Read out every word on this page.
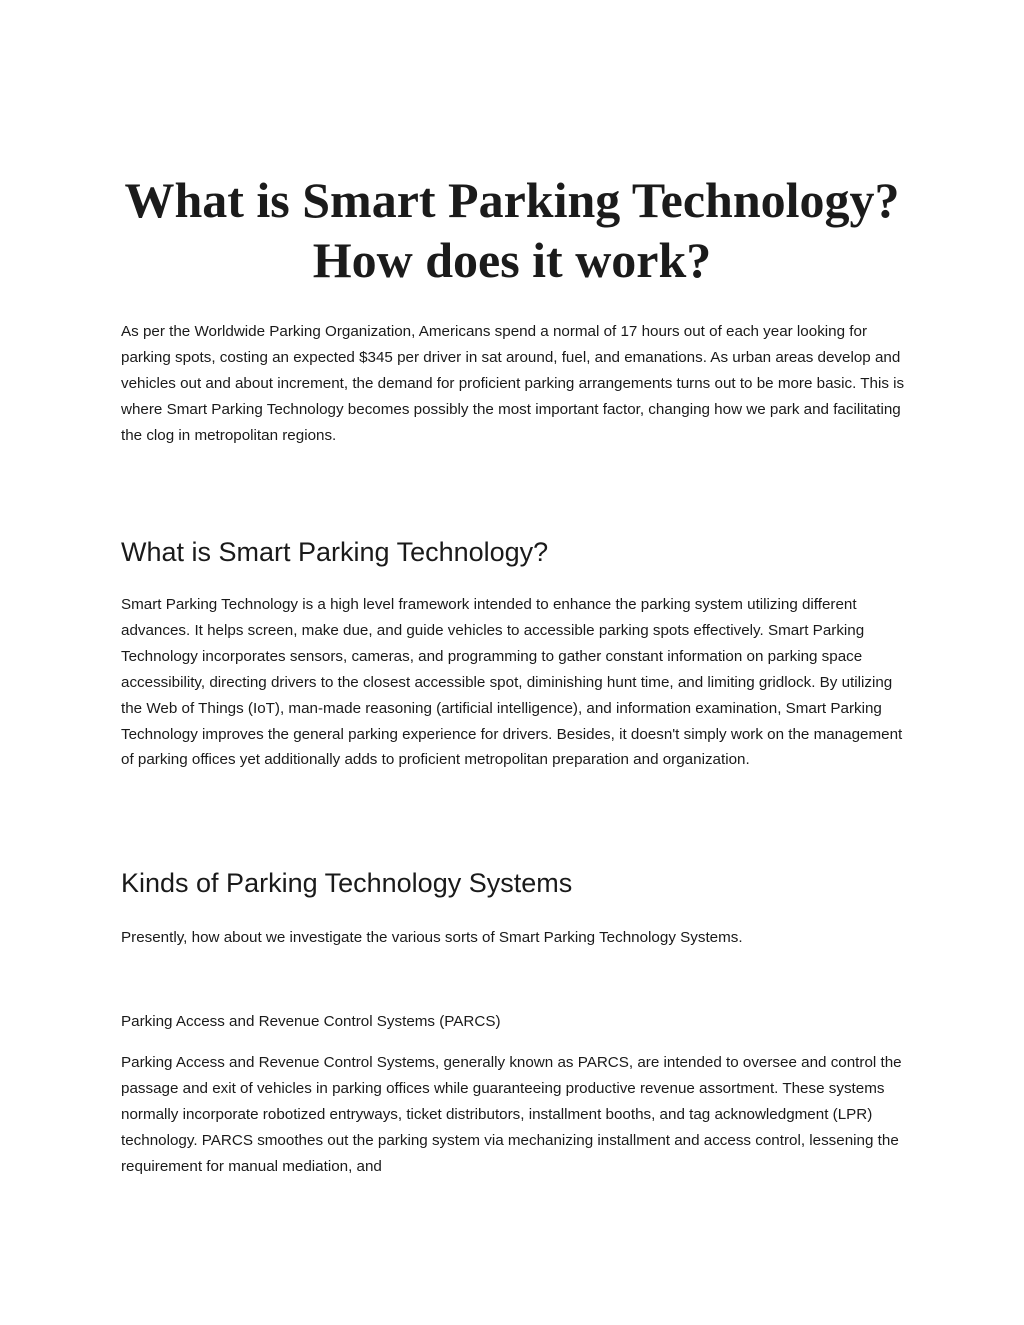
What is Smart Parking Technology? How does it work?

As per the Worldwide Parking Organization, Americans spend a normal of 17 hours out of each year looking for parking spots, costing an expected $345 per driver in sat around, fuel, and emanations. As urban areas develop and vehicles out and about increment, the demand for proficient parking arrangements turns out to be more basic. This is where Smart Parking Technology becomes possibly the most important factor, changing how we park and facilitating the clog in metropolitan regions.

What is Smart Parking Technology?

Smart Parking Technology is a high level framework intended to enhance the parking system utilizing different advances. It helps screen, make due, and guide vehicles to accessible parking spots effectively. Smart Parking Technology incorporates sensors, cameras, and programming to gather constant information on parking space accessibility, directing drivers to the closest accessible spot, diminishing hunt time, and limiting gridlock. By utilizing the Web of Things (IoT), man-made reasoning (artificial intelligence), and information examination, Smart Parking Technology improves the general parking experience for drivers. Besides, it doesn't simply work on the management of parking offices yet additionally adds to proficient metropolitan preparation and organization.

Kinds of Parking Technology Systems

Presently, how about we investigate the various sorts of Smart Parking Technology Systems.

Parking Access and Revenue Control Systems (PARCS)

Parking Access and Revenue Control Systems, generally known as PARCS, are intended to oversee and control the passage and exit of vehicles in parking offices while guaranteeing productive revenue assortment. These systems normally incorporate robotized entryways, ticket distributors, installment booths, and tag acknowledgment (LPR) technology. PARCS smoothes out the parking system via mechanizing installment and access control, lessening the requirement for manual mediation, and
